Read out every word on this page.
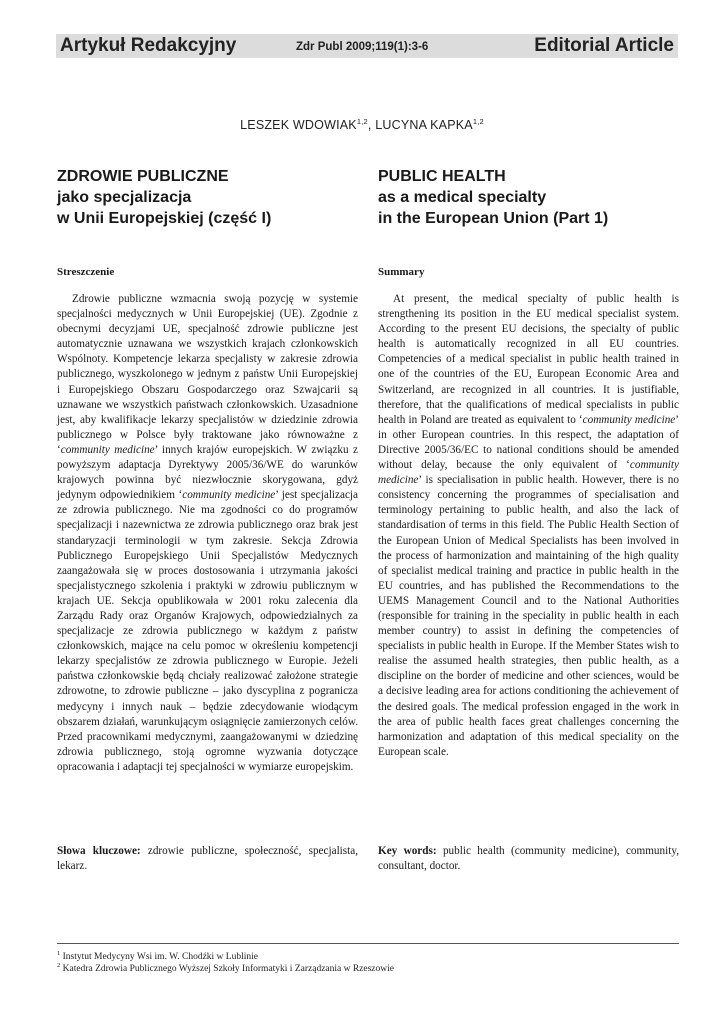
Artykuł Redakcyjny	Zdr Publ 2009;119(1):3-6	Editorial Article
LESZEK WDOWIAK$^{1,2}$, LUCYNA KAPKA$^{1,2}$
ZDROWIE PUBLICZNE
jako specjalizacja
w Unii Europejskiej (część I)
PUBLIC HEALTH
as a medical specialty
in the European Union (Part 1)
Streszczenie	Summary

Zdrowie publiczne wzmacnia swoją pozycję w systemie specjalności medycznych w Unii Europejskiej (UE). Zgodnie z obecnymi decyzjami UE, specjalność zdrowie publiczne jest automatycznie uznawana we wszystkich krajach członkowskich Wspólnoty. Kompetencje lekarza specjalisty w zakresie zdrowia publicznego, wyszkolonego w jednym z państw Unii Europejskiej i Europejskiego Obszaru Gospodarczego oraz Szwajcarii są uznawane we wszystkich państwach członkowskich. Uzasadnione jest, aby kwalifikacje lekarzy specjalistów w dziedzinie zdrowia publicznego w Polsce były traktowane jako równoważne z ‘community medicine’ innych krajów europejskich. W związku z powyższym adaptacja Dyrektywy 2005/36/WE do warunków krajowych powinna być niezwłocznie skorygowana, gdyż jedynym odpowiednikiem ‘community medicine’ jest specjalizacja ze zdrowia publicznego. Nie ma zgodności co do programów specjalizacji i nazewnictwa ze zdrowia publicznego oraz brak jest standaryzacji terminologii w tym zakresie. Sekcja Zdrowia Publicznego Europejskiego Unii Specjalistów Medycznych zaangażowała się w proces dostosowania i utrzymania jakości specjalistycznego szkolenia i praktyki w zdrowiu publicznym w krajach UE. Sekcja opublikowała w 2001 roku zalecenia dla Zarządu Rady oraz Organów Krajowych, odpowiedzialnych za specjalizacje ze zdrowia publicznego w każdym z państw członkowskich, mające na celu pomoc w określeniu kompetencji lekarzy specjalistów ze zdrowia publicznego w Europie. Jeżeli państwa członkowskie będą chciały realizować założone strategie zdrowotne, to zdrowie publiczne – jako dyscyplina z pogranicza medycyny i innych nauk – będzie zdecydowanie wiodącym obszarem działań, warunkującym osiągnięcie zamierzonych celów. Przed pracownikami medycznymi, zaangażowanymi w dziedzinę zdrowia publicznego, stoją ogromne wyzwania dotyczące opracowania i adaptacji tej specjalności w wymiarze europejskim.

At present, the medical specialty of public health is strengthening its position in the EU medical specialist system. According to the present EU decisions, the specialty of public health is automatically recognized in all EU countries. Competencies of a medical specialist in public health trained in one of the countries of the EU, European Economic Area and Switzerland, are recognized in all countries. It is justifiable, therefore, that the qualifications of medical specialists in public health in Poland are treated as equivalent to ‘community medicine’ in other European countries. In this respect, the adaptation of Directive 2005/36/EC to national conditions should be amended without delay, because the only equivalent of ‘community medicine’ is specialisation in public health. However, there is no consistency concerning the programmes of specialisation and terminology pertaining to public health, and also the lack of standardisation of terms in this field. The Public Health Section of the European Union of Medical Specialists has been involved in the process of harmonization and maintaining of the high quality of specialist medical training and practice in public health in the EU countries, and has published the Recommendations to the UEMS Management Council and to the National Authorities (responsible for training in the speciality in public health in each member country) to assist in defining the competencies of specialists in public health in Europe. If the Member States wish to realise the assumed health strategies, then public health, as a discipline on the border of medicine and other sciences, would be a decisive leading area for actions conditioning the achievement of the desired goals. The medical profession engaged in the work in the area of public health faces great challenges concerning the harmonization and adaptation of this medical speciality on the European scale.

Słowa kluczowe: zdrowie publiczne, społeczność, specjalista, lekarz.
Key words: public health (community medicine), community, consultant, doctor.
$^1$ Instytut Medycyny Wsi im. W. Chodźki w Lublinie
$^2$ Katedra Zdrowia Publicznego Wyższej Szkoły Informatyki i Zarządzania w Rzeszowie
